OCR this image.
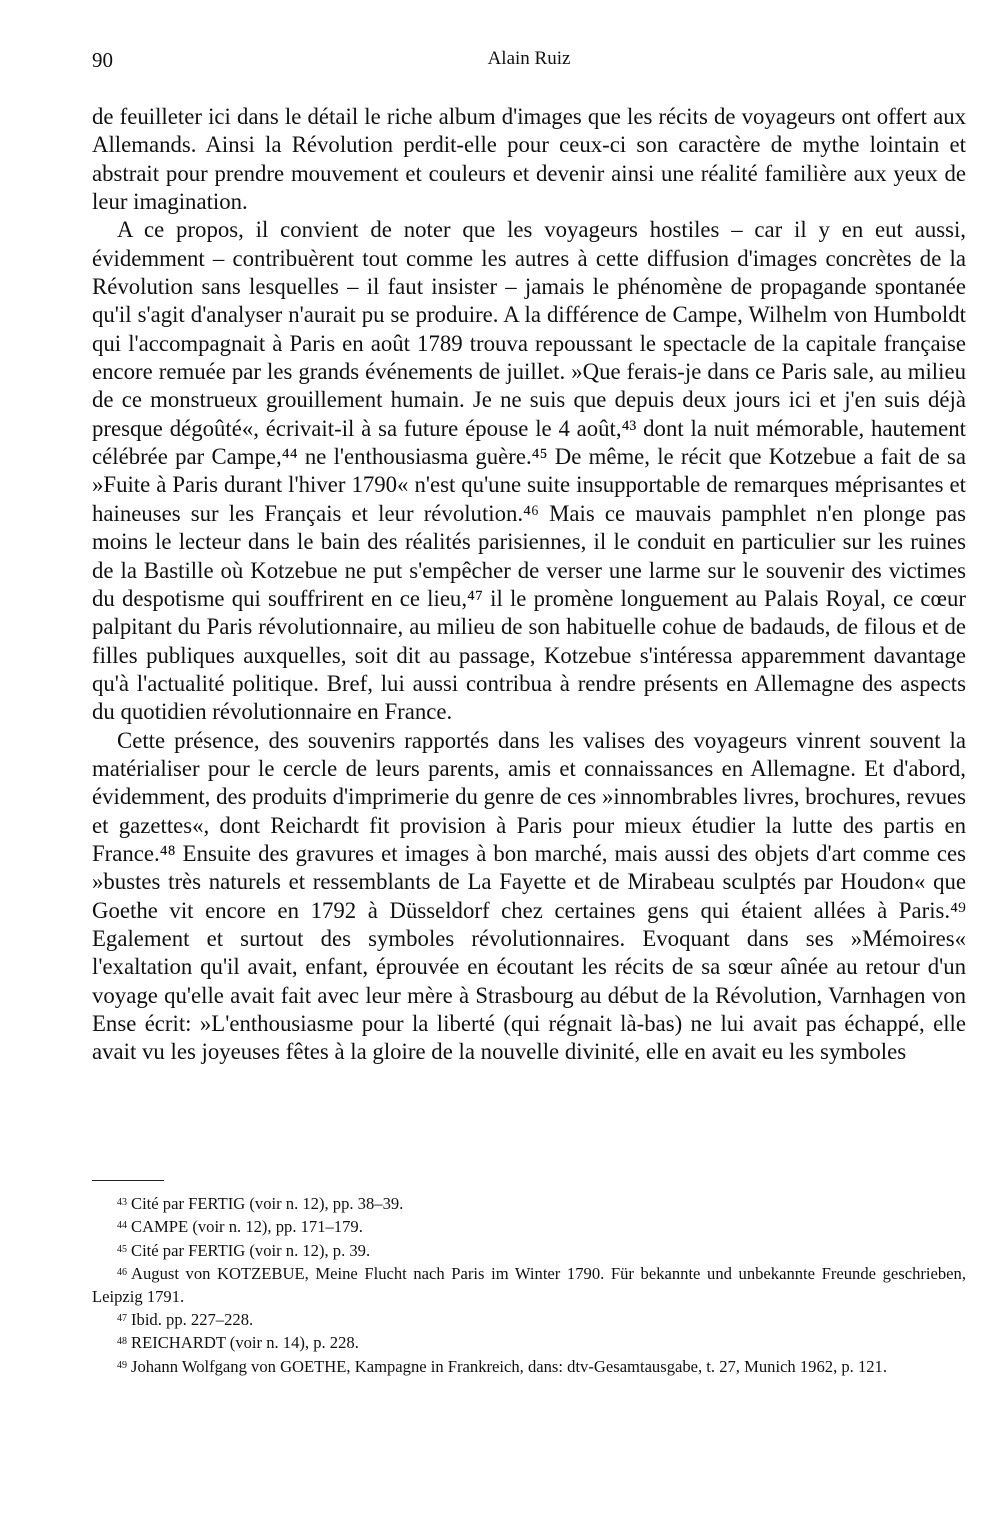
90	Alain Ruiz

de feuilleter ici dans le détail le riche album d'images que les récits de voyageurs ont offert aux Allemands. Ainsi la Révolution perdit-elle pour ceux-ci son caractère de mythe lointain et abstrait pour prendre mouvement et couleurs et devenir ainsi une réalité familière aux yeux de leur imagination.

A ce propos, il convient de noter que les voyageurs hostiles – car il y en eut aussi, évidemment – contribuèrent tout comme les autres à cette diffusion d'images concrètes de la Révolution sans lesquelles – il faut insister – jamais le phénomène de propagande spontanée qu'il s'agit d'analyser n'aurait pu se produire. A la différence de Campe, Wilhelm von Humboldt qui l'accompagnait à Paris en août 1789 trouva repoussant le spectacle de la capitale française encore remuée par les grands événements de juillet. »Que ferais-je dans ce Paris sale, au milieu de ce monstrueux grouillement humain. Je ne suis que depuis deux jours ici et j'en suis déjà presque dégoûté«, écrivait-il à sa future épouse le 4 août,⁴³ dont la nuit mémorable, hautement célébrée par Campe,⁴⁴ ne l'enthousiasma guère.⁴⁵ De même, le récit que Kotzebue a fait de sa »Fuite à Paris durant l'hiver 1790« n'est qu'une suite insupportable de remarques méprisantes et haineuses sur les Français et leur révolution.⁴⁶ Mais ce mauvais pamphlet n'en plonge pas moins le lecteur dans le bain des réalités parisiennes, il le conduit en particulier sur les ruines de la Bastille où Kotzebue ne put s'empêcher de verser une larme sur le souvenir des victimes du despotisme qui souffrirent en ce lieu,⁴⁷ il le promène longuement au Palais Royal, ce cœur palpitant du Paris révolutionnaire, au milieu de son habituelle cohue de badauds, de filous et de filles publiques auxquelles, soit dit au passage, Kotzebue s'intéressa apparemment davantage qu'à l'actualité politique. Bref, lui aussi contribua à rendre présents en Allemagne des aspects du quotidien révolutionnaire en France.

Cette présence, des souvenirs rapportés dans les valises des voyageurs vinrent souvent la matérialiser pour le cercle de leurs parents, amis et connaissances en Allemagne. Et d'abord, évidemment, des produits d'imprimerie du genre de ces »innombrables livres, brochures, revues et gazettes«, dont Reichardt fit provision à Paris pour mieux étudier la lutte des partis en France.⁴⁸ Ensuite des gravures et images à bon marché, mais aussi des objets d'art comme ces »bustes très naturels et ressemblants de La Fayette et de Mirabeau sculptés par Houdon« que Goethe vit encore en 1792 à Düsseldorf chez certaines gens qui étaient allées à Paris.⁴⁹ Egalement et surtout des symboles révolutionnaires. Evoquant dans ses »Mémoires« l'exaltation qu'il avait, enfant, éprouvée en écoutant les récits de sa sœur aînée au retour d'un voyage qu'elle avait fait avec leur mère à Strasbourg au début de la Révolution, Varnhagen von Ense écrit: »L'enthousiasme pour la liberté (qui régnait là-bas) ne lui avait pas échappé, elle avait vu les joyeuses fêtes à la gloire de la nouvelle divinité, elle en avait eu les symboles

$^{43}$ Cité par FERTIG (voir n. 12), pp. 38–39.

$^{44}$ CAMPE (voir n. 12), pp. 171–179.

$^{45}$ Cité par FERTIG (voir n. 12), p. 39.

$^{46}$ August von KOTZEBUE, Meine Flucht nach Paris im Winter 1790. Für bekannte und unbekannte Freunde geschrieben, Leipzig 1791.

$^{47}$ Ibid. pp. 227–228.

$^{48}$ REICHARDT (voir n. 14), p. 228.

$^{49}$ Johann Wolfgang von GOETHE, Kampagne in Frankreich, dans: dtv-Gesamtausgabe, t. 27, Munich 1962, p. 121.
